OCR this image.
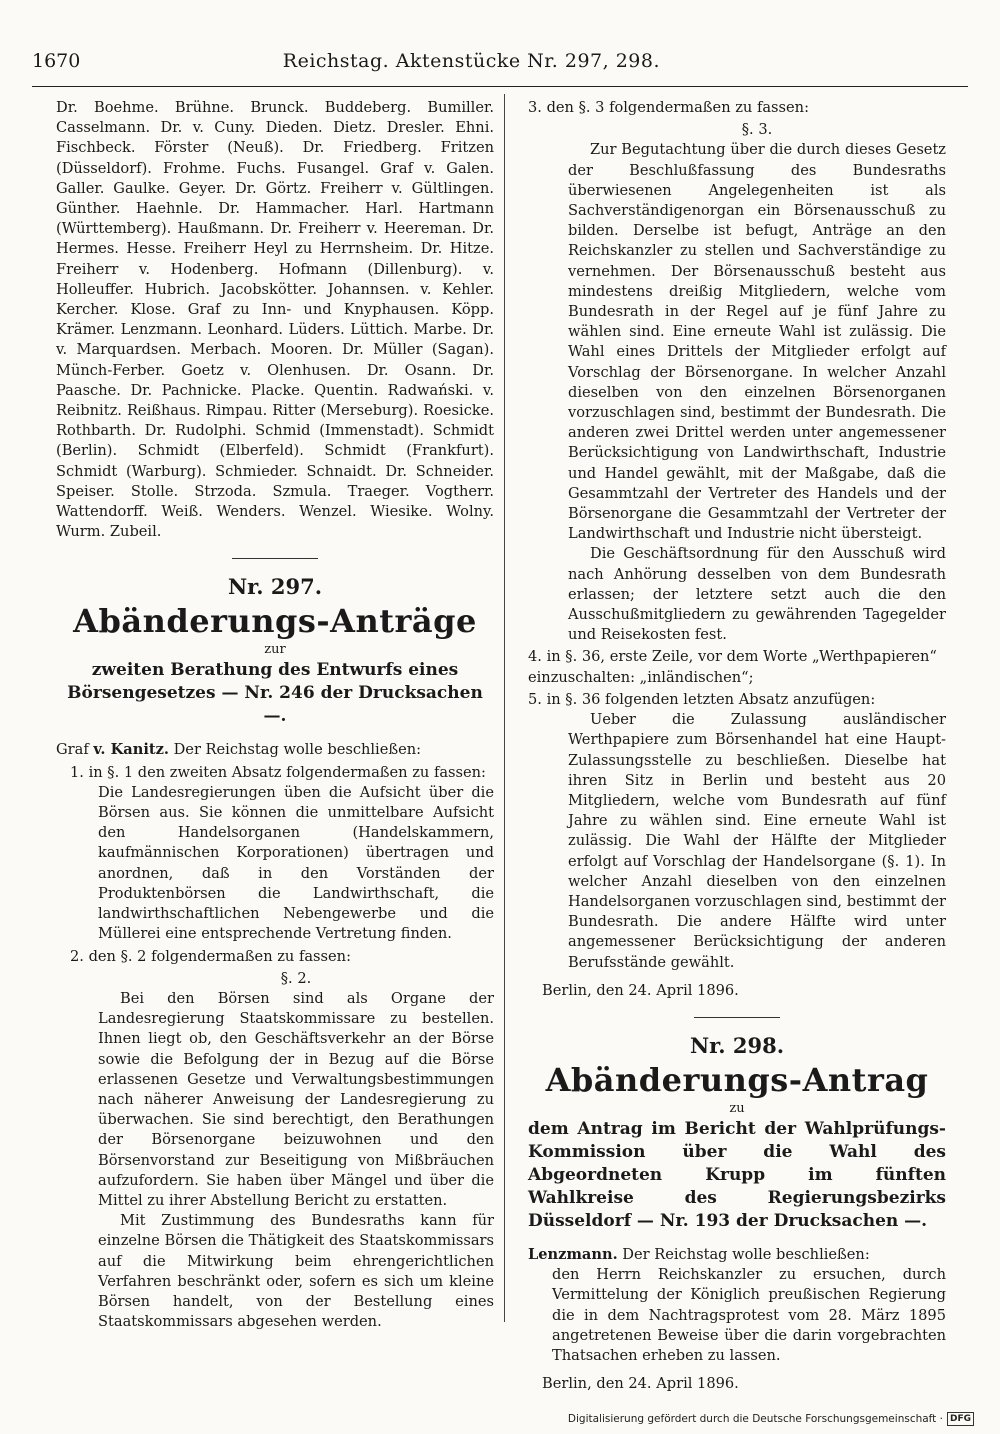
1670	Reichstag. Aktenstücke Nr. 297, 298.
Dr. Boehme. Brühne. Brunck. Buddeberg. Bumiller. Casselmann. Dr. v. Cuny. Dieden. Dietz. Dresler. Ehni. Fischbeck. Förster (Neuß). Dr. Friedberg. Fritzen (Düsseldorf). Frohme. Fuchs. Fusangel. Graf v. Galen. Galler. Gaulke. Geyer. Dr. Görtz. Freiherr v. Gültlingen. Günther. Haehnle. Dr. Hammacher. Harl. Hartmann (Württemberg). Haußmann. Dr. Freiherr v. Heereman. Dr. Hermes. Hesse. Freiherr Heyl zu Herrnsheim. Dr. Hitze. Freiherr v. Hodenberg. Hofmann (Dillenburg). v. Holleuffer. Hubrich. Jacobskötter. Johannsen. v. Kehler. Kercher. Klose. Graf zu Inn- und Knyphausen. Köpp. Krämer. Lenzmann. Leonhard. Lüders. Lüttich. Marbe. Dr. v. Marquardsen. Merbach. Mooren. Dr. Müller (Sagan). Münch-Ferber. Goetz v. Olenhusen. Dr. Osann. Dr. Paasche. Dr. Pachnicke. Placke. Quentin. Radwański. v. Reibnitz. Reißhaus. Rimpau. Ritter (Merseburg). Roesicke. Rothbarth. Dr. Rudolphi. Schmid (Immenstadt). Schmidt (Berlin). Schmidt (Elberfeld). Schmidt (Frankfurt). Schmidt (Warburg). Schmieder. Schnaidt. Dr. Schneider. Speiser. Stolle. Strzoda. Szmula. Traeger. Vogtherr. Wattendorff. Weiß. Wenders. Wenzel. Wiesike. Wolny. Wurm. Zubeil.
Nr. 297.
Abänderungs-Anträge
zur
zweiten Berathung des Entwurfs eines Börsengesetzes — Nr. 246 der Drucksachen —.
Graf v. Kanitz. Der Reichstag wolle beschließen:
1. in §. 1 den zweiten Absatz folgendermaßen zu fassen:
Die Landesregierungen üben die Aufsicht über die Börsen aus. Sie können die unmittelbare Aufsicht den Handelsorganen (Handelskammern, kaufmännischen Korporationen) übertragen und anordnen, daß in den Vorständen der Produktenbörsen die Landwirthschaft, die landwirthschaftlichen Nebengewerbe und die Müllerei eine entsprechende Vertretung finden.
2. den §. 2 folgendermaßen zu fassen:
§. 2.
Bei den Börsen sind als Organe der Landesregierung Staatskommissare zu bestellen. Ihnen liegt ob, den Geschäftsverkehr an der Börse sowie die Befolgung der in Bezug auf die Börse erlassenen Gesetze und Verwaltungsbestimmungen nach näherer Anweisung der Landesregierung zu überwachen. Sie sind berechtigt, den Berathungen der Börsenorgane beizuwohnen und den Börsenvorstand zur Beseitigung von Mißbräuchen aufzufordern. Sie haben über Mängel und über die Mittel zu ihrer Abstellung Bericht zu erstatten.
Mit Zustimmung des Bundesraths kann für einzelne Börsen die Thätigkeit des Staatskommissars auf die Mitwirkung beim ehrengerichtlichen Verfahren beschränkt oder, sofern es sich um kleine Börsen handelt, von der Bestellung eines Staatskommissars abgesehen werden.
3. den §. 3 folgendermaßen zu fassen:
§. 3.
Zur Begutachtung über die durch dieses Gesetz der Beschlußfassung des Bundesraths überwiesenen Angelegenheiten ist als Sachverständigenorgan ein Börsenausschuß zu bilden. Derselbe ist befugt, Anträge an den Reichskanzler zu stellen und Sachverständige zu vernehmen. Der Börsenausschuß besteht aus mindestens dreißig Mitgliedern, welche vom Bundesrath in der Regel auf je fünf Jahre zu wählen sind. Eine erneute Wahl ist zulässig. Die Wahl eines Drittels der Mitglieder erfolgt auf Vorschlag der Börsenorgane. In welcher Anzahl dieselben von den einzelnen Börsenorganen vorzuschlagen sind, bestimmt der Bundesrath. Die anderen zwei Drittel werden unter angemessener Berücksichtigung von Landwirthschaft, Industrie und Handel gewählt, mit der Maßgabe, daß die Gesammtzahl der Vertreter des Handels und der Börsenorgane die Gesammtzahl der Vertreter der Landwirthschaft und Industrie nicht übersteigt.
Die Geschäftsordnung für den Ausschuß wird nach Anhörung desselben von dem Bundesrath erlassen; der letztere setzt auch die den Ausschußmitgliedern zu gewährenden Tagegelder und Reisekosten fest.
4. in §. 36, erste Zeile, vor dem Worte „Werthpapieren“ einzuschalten: „inländischen“;
5. in §. 36 folgenden letzten Absatz anzufügen:
Ueber die Zulassung ausländischer Werthpapiere zum Börsenhandel hat eine Haupt-Zulassungsstelle zu beschließen. Dieselbe hat ihren Sitz in Berlin und besteht aus 20 Mitgliedern, welche vom Bundesrath auf fünf Jahre zu wählen sind. Eine erneute Wahl ist zulässig. Die Wahl der Hälfte der Mitglieder erfolgt auf Vorschlag der Handelsorgane (§. 1). In welcher Anzahl dieselben von den einzelnen Handelsorganen vorzuschlagen sind, bestimmt der Bundesrath. Die andere Hälfte wird unter angemessener Berücksichtigung der anderen Berufsstände gewählt.
Berlin, den 24. April 1896.
Nr. 298.
Abänderungs-Antrag
zu
dem Antrag im Bericht der Wahlprüfungs-Kommission über die Wahl des Abgeordneten Krupp im fünften Wahlkreise des Regierungsbezirks Düsseldorf — Nr. 193 der Drucksachen —.
Lenzmann. Der Reichstag wolle beschließen:
den Herrn Reichskanzler zu ersuchen, durch Vermittelung der Königlich preußischen Regierung die in dem Nachtragsprotest vom 28. März 1895 angetretenen Beweise über die darin vorgebrachten Thatsachen erheben zu lassen.
Berlin, den 24. April 1896.
Digitalisierung gefördert durch die Deutsche Forschungsgemeinschaft · DFG
